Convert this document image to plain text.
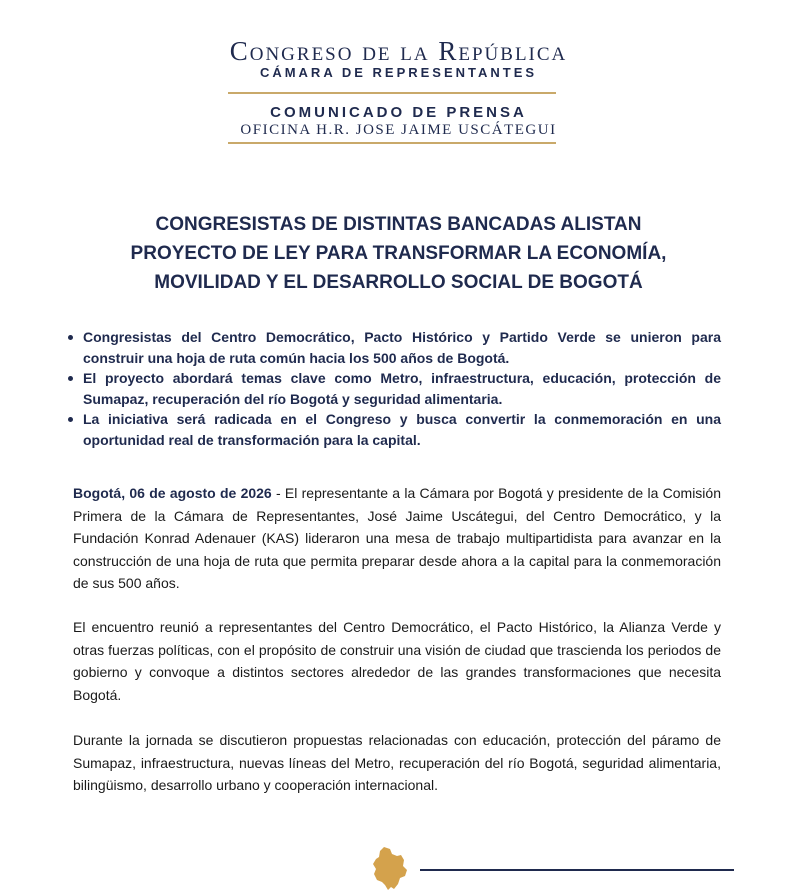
Congreso de la República
CÁMARA DE REPRESENTANTES
COMUNICADO DE PRENSA
OFICINA H.R. JOSE JAIME USCÁTEGUI
CONGRESISTAS DE DISTINTAS BANCADAS ALISTAN
PROYECTO DE LEY PARA TRANSFORMAR LA ECONOMÍA,
MOVILIDAD Y EL DESARROLLO SOCIAL DE BOGOTÁ
Congresistas del Centro Democrático, Pacto Histórico y Partido Verde se unieron para construir una hoja de ruta común hacia los 500 años de Bogotá.
El proyecto abordará temas clave como Metro, infraestructura, educación, protección de Sumapaz, recuperación del río Bogotá y seguridad alimentaria.
La iniciativa será radicada en el Congreso y busca convertir la conmemoración en una oportunidad real de transformación para la capital.
Bogotá, 06 de agosto de 2026 - El representante a la Cámara por Bogotá y presidente de la Comisión Primera de la Cámara de Representantes, José Jaime Uscátegui, del Centro Democrático, y la Fundación Konrad Adenauer (KAS) lideraron una mesa de trabajo multipartidista para avanzar en la construcción de una hoja de ruta que permita preparar desde ahora a la capital para la conmemoración de sus 500 años.
El encuentro reunió a representantes del Centro Democrático, el Pacto Histórico, la Alianza Verde y otras fuerzas políticas, con el propósito de construir una visión de ciudad que trascienda los periodos de gobierno y convoque a distintos sectores alrededor de las grandes transformaciones que necesita Bogotá.
Durante la jornada se discutieron propuestas relacionadas con educación, protección del páramo de Sumapaz, infraestructura, nuevas líneas del Metro, recuperación del río Bogotá, seguridad alimentaria, bilingüismo, desarrollo urbano y cooperación internacional.
